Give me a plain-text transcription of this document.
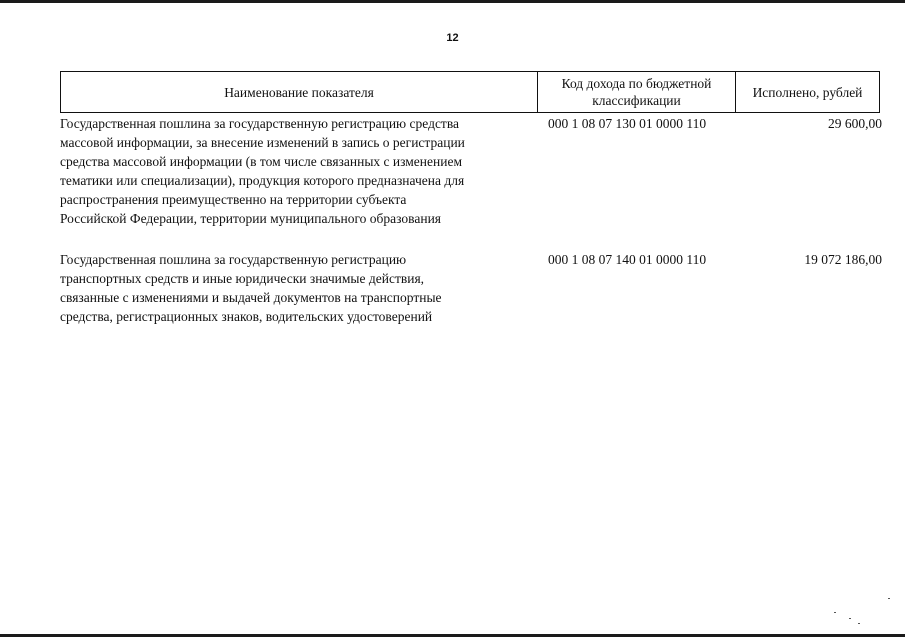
12
Наименование показателя
Код дохода по бюджетной классификации
Исполнено, рублей
Государственная пошлина за государственную регистрацию средства
массовой информации, за внесение изменений в запись о регистрации
средства массовой информации (в том числе связанных с изменением
тематики или специализации), продукция которого предназначена для
распространения преимущественно на территории субъекта
Российской Федерации, территории муниципального образования
000 1 08 07 130 01 0000 110	29 600,00
Государственная пошлина за государственную регистрацию
транспортных средств и иные юридически значимые действия,
связанные с изменениями и выдачей документов на транспортные
средства, регистрационных знаков, водительских удостоверений
000 1 08 07 140 01 0000 110	19 072 186,00
